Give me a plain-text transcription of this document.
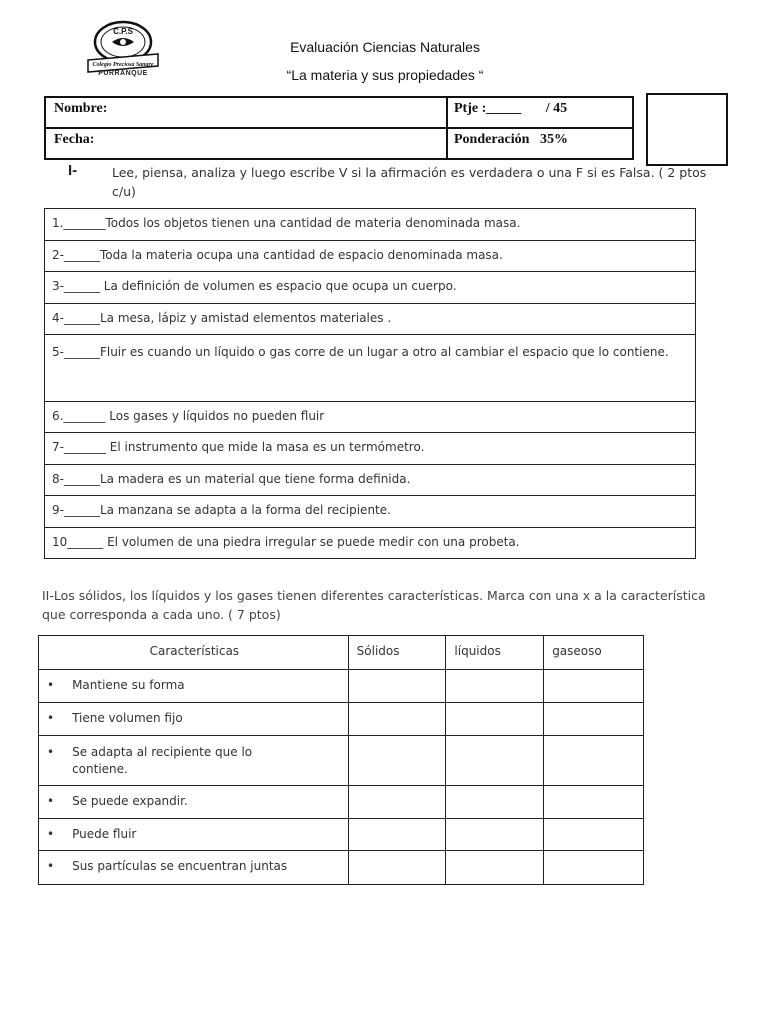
C.P.S
Colegio Preciosa Sangre
PURRANQUE
Evaluación Ciencias Naturales
“La materia y sus propiedades “
Nombre:	Ptje :_____       / 45
Fecha:	Ponderación   35%
I-	Lee, piensa, analiza y luego escribe V si la afirmación es verdadera o una F si es Falsa. ( 2 ptos c/u)
1._______Todos los objetos tienen una cantidad de materia denominada masa.
2-______Toda la materia ocupa una cantidad de espacio denominada masa.
3-______ La definición de volumen es espacio que ocupa un cuerpo.
4-______La mesa, lápiz y amistad elementos materiales .
5-______Fluir es cuando un líquido o gas corre de un lugar a otro al cambiar el espacio que lo contiene.
6._______ Los gases y líquidos no pueden fluir
7-_______ El instrumento que mide la masa es un termómetro.
8-______La madera es un material que tiene forma definida.
9-______La manzana se adapta a la forma del recipiente.
10______ El volumen de una piedra irregular se puede medir con una probeta.
II-Los sólidos, los líquidos y los gases tienen diferentes características. Marca con una x a la característica que corresponda a cada uno. ( 7 ptos)
Características	Sólidos	líquidos	gaseoso

• Mantiene su forma			

• Tiene volumen fijo			

• Se adapta al recipiente que lo contiene.			

• Se puede expandir.			

• Puede fluir			

• Sus partículas se encuentran juntas			
